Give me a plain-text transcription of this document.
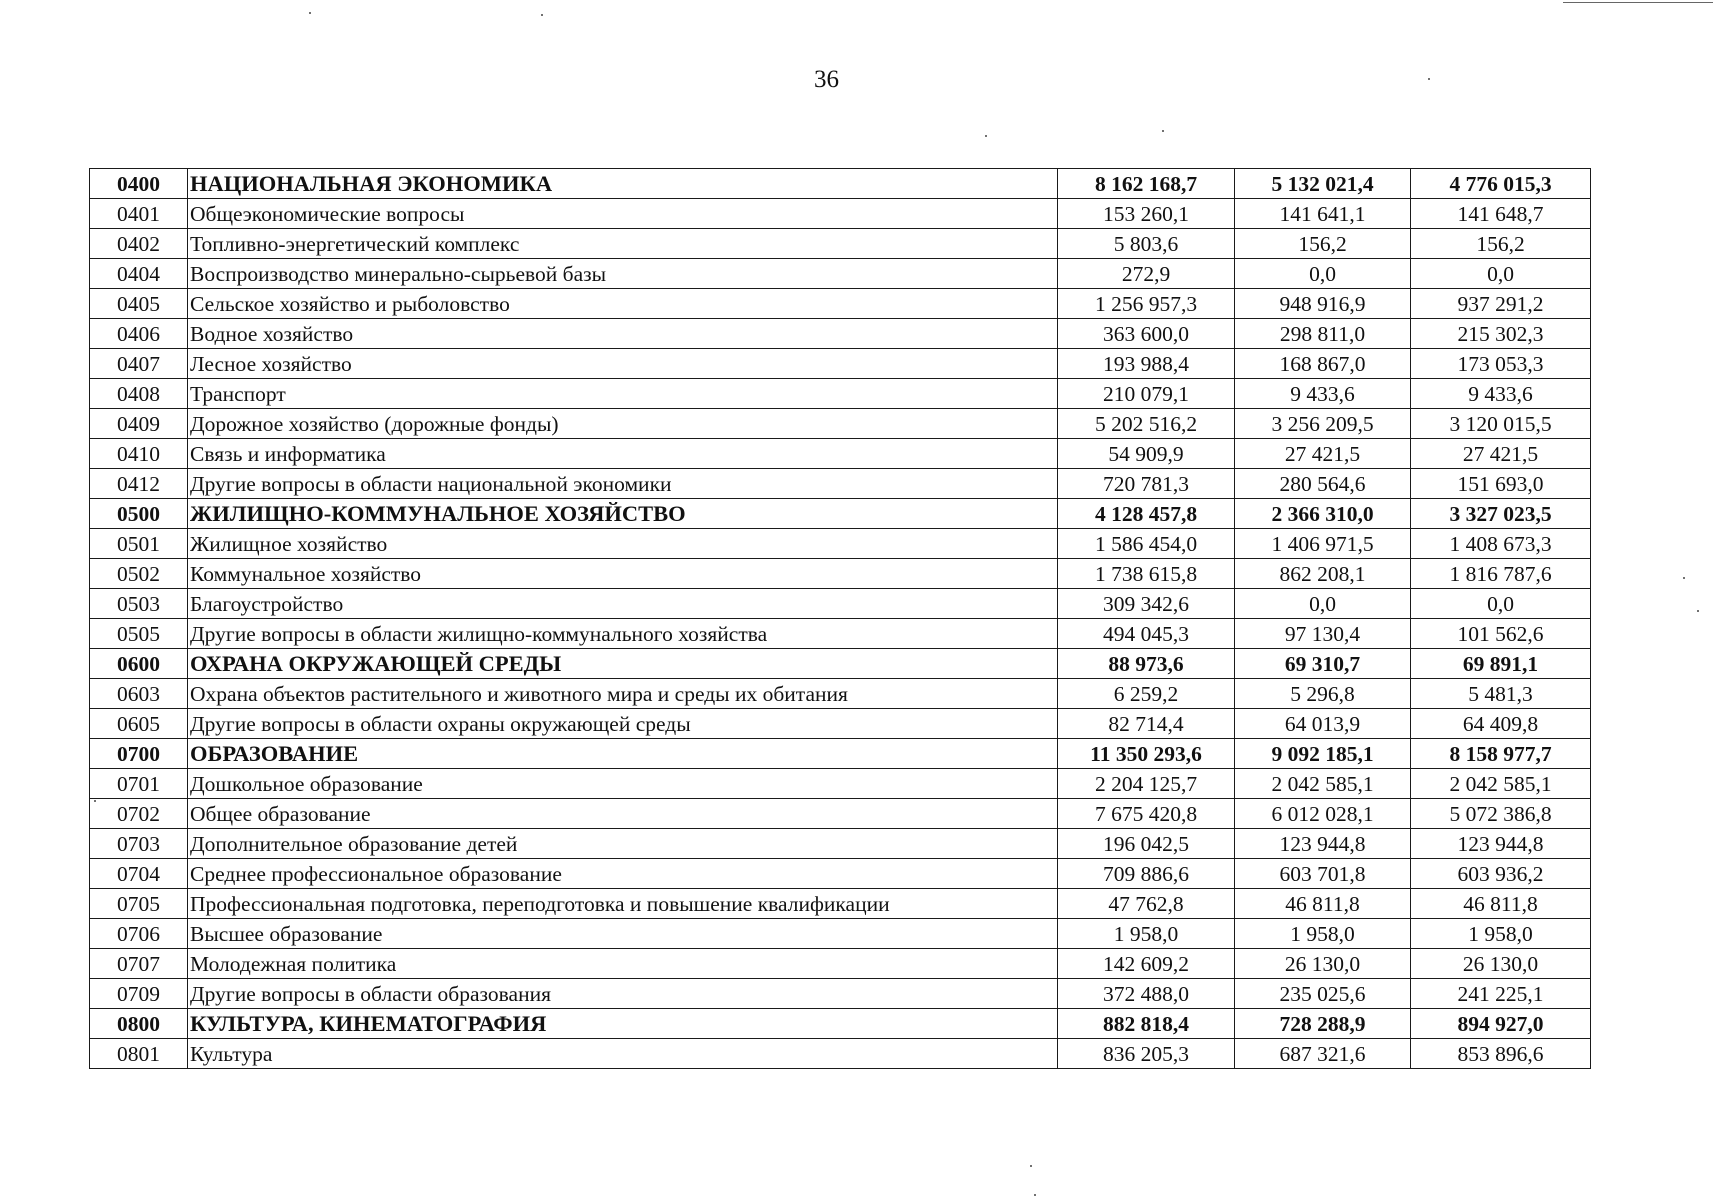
36
0400	НАЦИОНАЛЬНАЯ ЭКОНОМИКА	8 162 168,7	5 132 021,4	4 776 015,3
0401	Общеэкономические вопросы	153 260,1	141 641,1	141 648,7
0402	Топливно-энергетический комплекс	5 803,6	156,2	156,2
0404	Воспроизводство минерально-сырьевой базы	272,9	0,0	0,0
0405	Сельское хозяйство и рыболовство	1 256 957,3	948 916,9	937 291,2
0406	Водное хозяйство	363 600,0	298 811,0	215 302,3
0407	Лесное хозяйство	193 988,4	168 867,0	173 053,3
0408	Транспорт	210 079,1	9 433,6	9 433,6
0409	Дорожное хозяйство (дорожные фонды)	5 202 516,2	3 256 209,5	3 120 015,5
0410	Связь и информатика	54 909,9	27 421,5	27 421,5
0412	Другие вопросы в области национальной экономики	720 781,3	280 564,6	151 693,0
0500	ЖИЛИЩНО-КОММУНАЛЬНОЕ ХОЗЯЙСТВО	4 128 457,8	2 366 310,0	3 327 023,5
0501	Жилищное хозяйство	1 586 454,0	1 406 971,5	1 408 673,3
0502	Коммунальное хозяйство	1 738 615,8	862 208,1	1 816 787,6
0503	Благоустройство	309 342,6	0,0	0,0
0505	Другие вопросы в области жилищно-коммунального хозяйства	494 045,3	97 130,4	101 562,6
0600	ОХРАНА ОКРУЖАЮЩЕЙ СРЕДЫ	88 973,6	69 310,7	69 891,1
0603	Охрана объектов растительного и животного мира и среды их обитания	6 259,2	5 296,8	5 481,3
0605	Другие вопросы в области охраны окружающей среды	82 714,4	64 013,9	64 409,8
0700	ОБРАЗОВАНИЕ	11 350 293,6	9 092 185,1	8 158 977,7
0701	Дошкольное образование	2 204 125,7	2 042 585,1	2 042 585,1
0702	Общее образование	7 675 420,8	6 012 028,1	5 072 386,8
0703	Дополнительное образование детей	196 042,5	123 944,8	123 944,8
0704	Среднее профессиональное образование	709 886,6	603 701,8	603 936,2
0705	Профессиональная подготовка, переподготовка и повышение квалификации	47 762,8	46 811,8	46 811,8
0706	Высшее образование	1 958,0	1 958,0	1 958,0
0707	Молодежная политика	142 609,2	26 130,0	26 130,0
0709	Другие вопросы в области образования	372 488,0	235 025,6	241 225,1
0800	КУЛЬТУРА, КИНЕМАТОГРАФИЯ	882 818,4	728 288,9	894 927,0
0801	Культура	836 205,3	687 321,6	853 896,6
